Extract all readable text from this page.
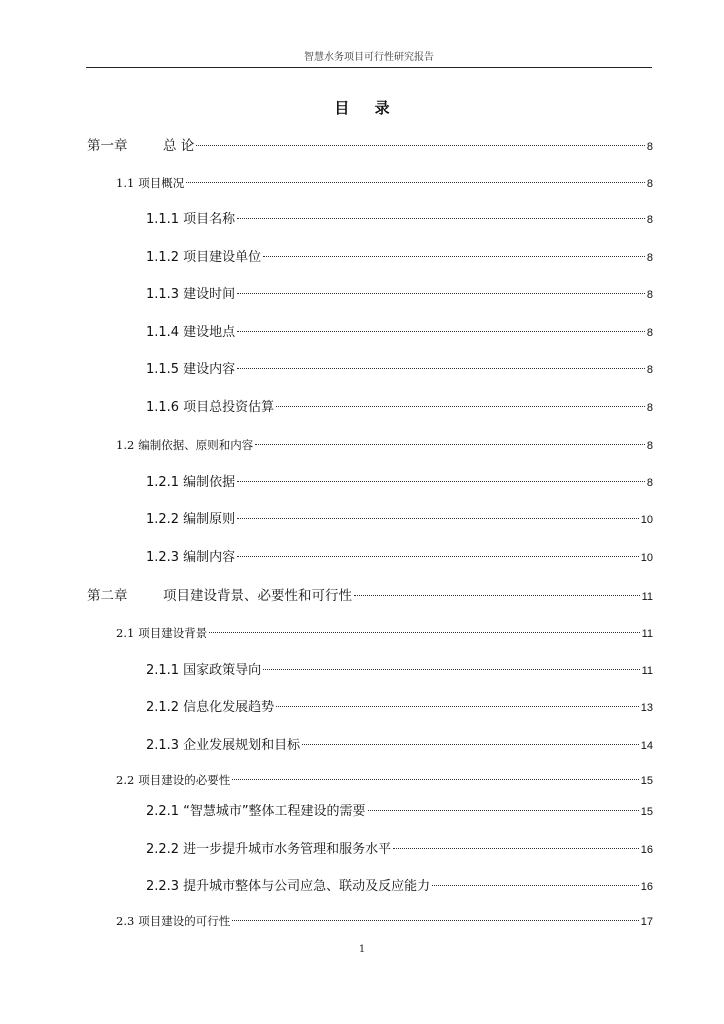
智慧水务项目可行性研究报告
目 录
第一章	总 论	8
1.1 项目概况	8
1.1.1 项目名称	8
1.1.2 项目建设单位	8
1.1.3 建设时间	8
1.1.4 建设地点	8
1.1.5 建设内容	8
1.1.6 项目总投资估算	8
1.2 编制依据、原则和内容	8
1.2.1 编制依据	8
1.2.2 编制原则	10
1.2.3 编制内容	10
第二章	项目建设背景、必要性和可行性	11
2.1 项目建设背景	11
2.1.1 国家政策导向	11
2.1.2 信息化发展趋势	13
2.1.3 企业发展规划和目标	14
2.2 项目建设的必要性	15
2.2.1 “智慧城市”整体工程建设的需要	15
2.2.2 进一步提升城市水务管理和服务水平	16
2.2.3 提升城市整体与公司应急、联动及反应能力	16
2.3 项目建设的可行性	17
1
